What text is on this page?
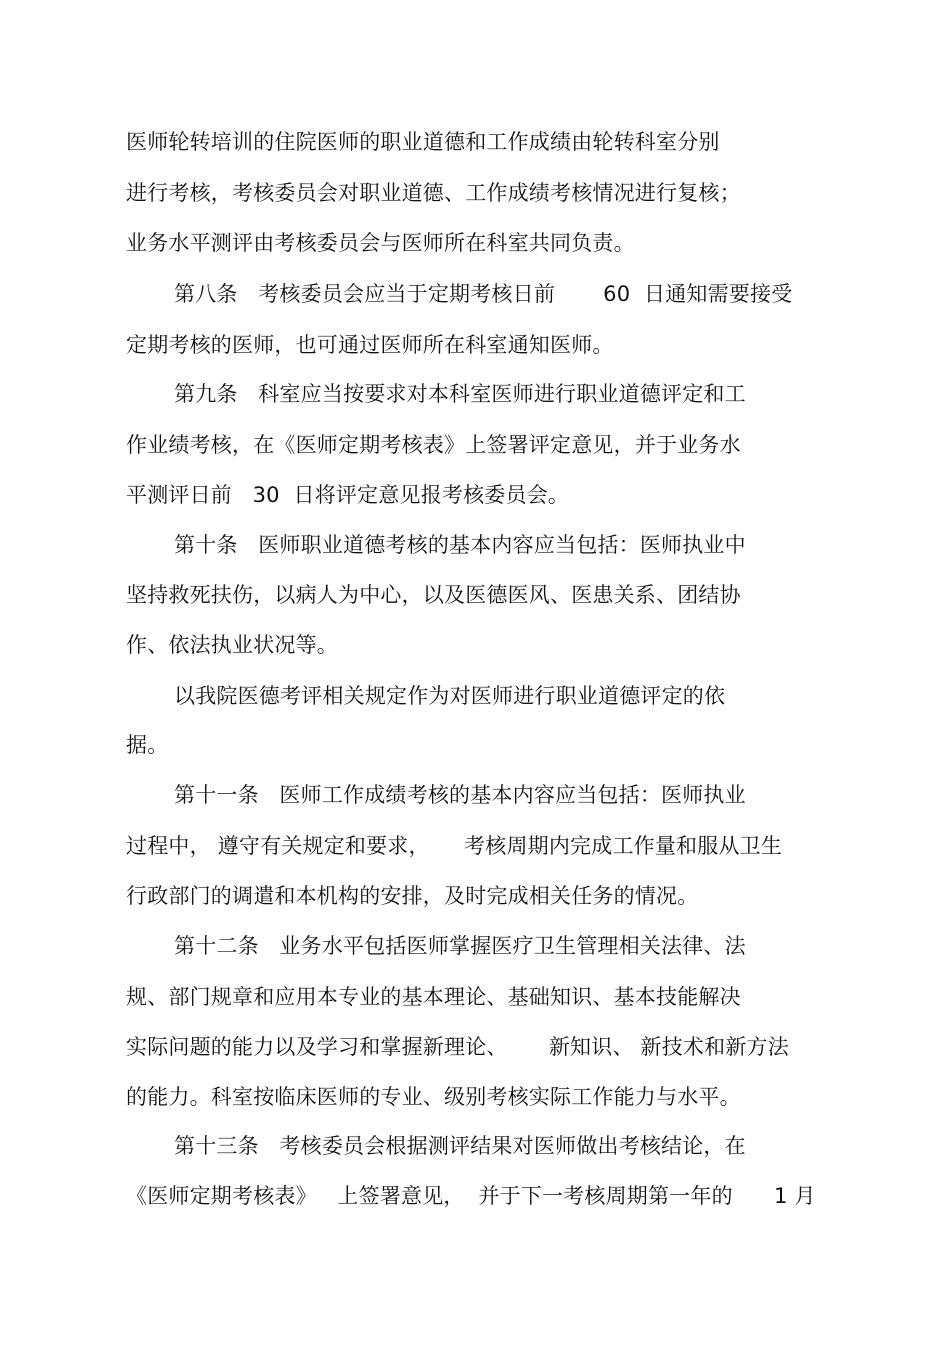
医师轮转培训的住院医师的职业道德和工作成绩由轮转科室分别
进行考核，考核委员会对职业道德、工作成绩考核情况进行复核；
业务水平测评由考核委员会与医师所在科室共同负责。
第八条   考核委员会应当于定期考核日前       60  日通知需要接受
定期考核的医师，也可通过医师所在科室通知医师。
第九条   科室应当按要求对本科室医师进行职业道德评定和工
作业绩考核，在《医师定期考核表》上签署评定意见，并于业务水
平测评日前   30  日将评定意见报考核委员会。
第十条   医师职业道德考核的基本内容应当包括：医师执业中
坚持救死扶伤，以病人为中心，以及医德医风、医患关系、团结协
作、依法执业状况等。
以我院医德考评相关规定作为对医师进行职业道德评定的依
据。
第十一条   医师工作成绩考核的基本内容应当包括：医师执业
过程中， 遵守有关规定和要求，     考核周期内完成工作量和服从卫生
行政部门的调遣和本机构的安排，及时完成相关任务的情况。
第十二条   业务水平包括医师掌握医疗卫生管理相关法律、法
规、部门规章和应用本专业的基本理论、基础知识、基本技能解决
实际问题的能力以及学习和掌握新理论、      新知识、 新技术和新方法
的能力。科室按临床医师的专业、级别考核实际工作能力与水平。
第十三条   考核委员会根据测评结果对医师做出考核结论，在
《医师定期考核表》   上签署意见，  并于下一考核周期第一年的      1 月
